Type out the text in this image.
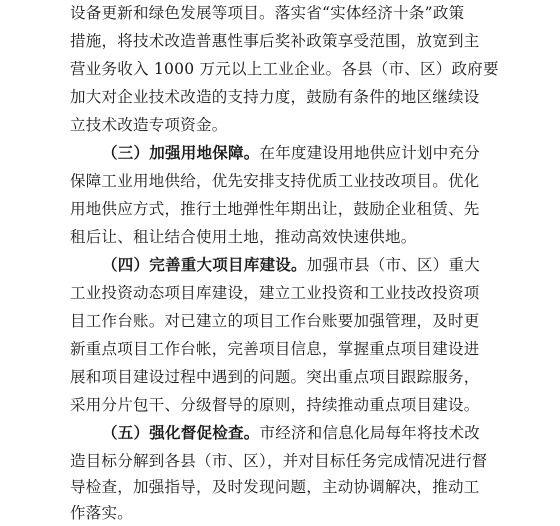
设备更新和绿色发展等项目。落实省“实体经济十条”政策
措施，将技术改造普惠性事后奖补政策享受范围，放宽到主
营业务收入 1000 万元以上工业企业。各县（市、区）政府要
加大对企业技术改造的支持力度，鼓励有条件的地区继续设
立技术改造专项资金。
（三）加强用地保障。在年度建设用地供应计划中充分
保障工业用地供给，优先安排支持优质工业技改项目。优化
用地供应方式，推行土地弹性年期出让，鼓励企业租赁、先
租后让、租让结合使用土地，推动高效快速供地。
（四）完善重大项目库建设。加强市县（市、区）重大
工业投资动态项目库建设，建立工业投资和工业技改投资项
目工作台账。对已建立的项目工作台账要加强管理，及时更
新重点项目工作台帐，完善项目信息，掌握重点项目建设进
展和项目建设过程中遇到的问题。突出重点项目跟踪服务，
采用分片包干、分级督导的原则，持续推动重点项目建设。
（五）强化督促检查。市经济和信息化局每年将技术改
造目标分解到各县（市、区），并对目标任务完成情况进行督
导检查，加强指导，及时发现问题，主动协调解决，推动工
作落实。
